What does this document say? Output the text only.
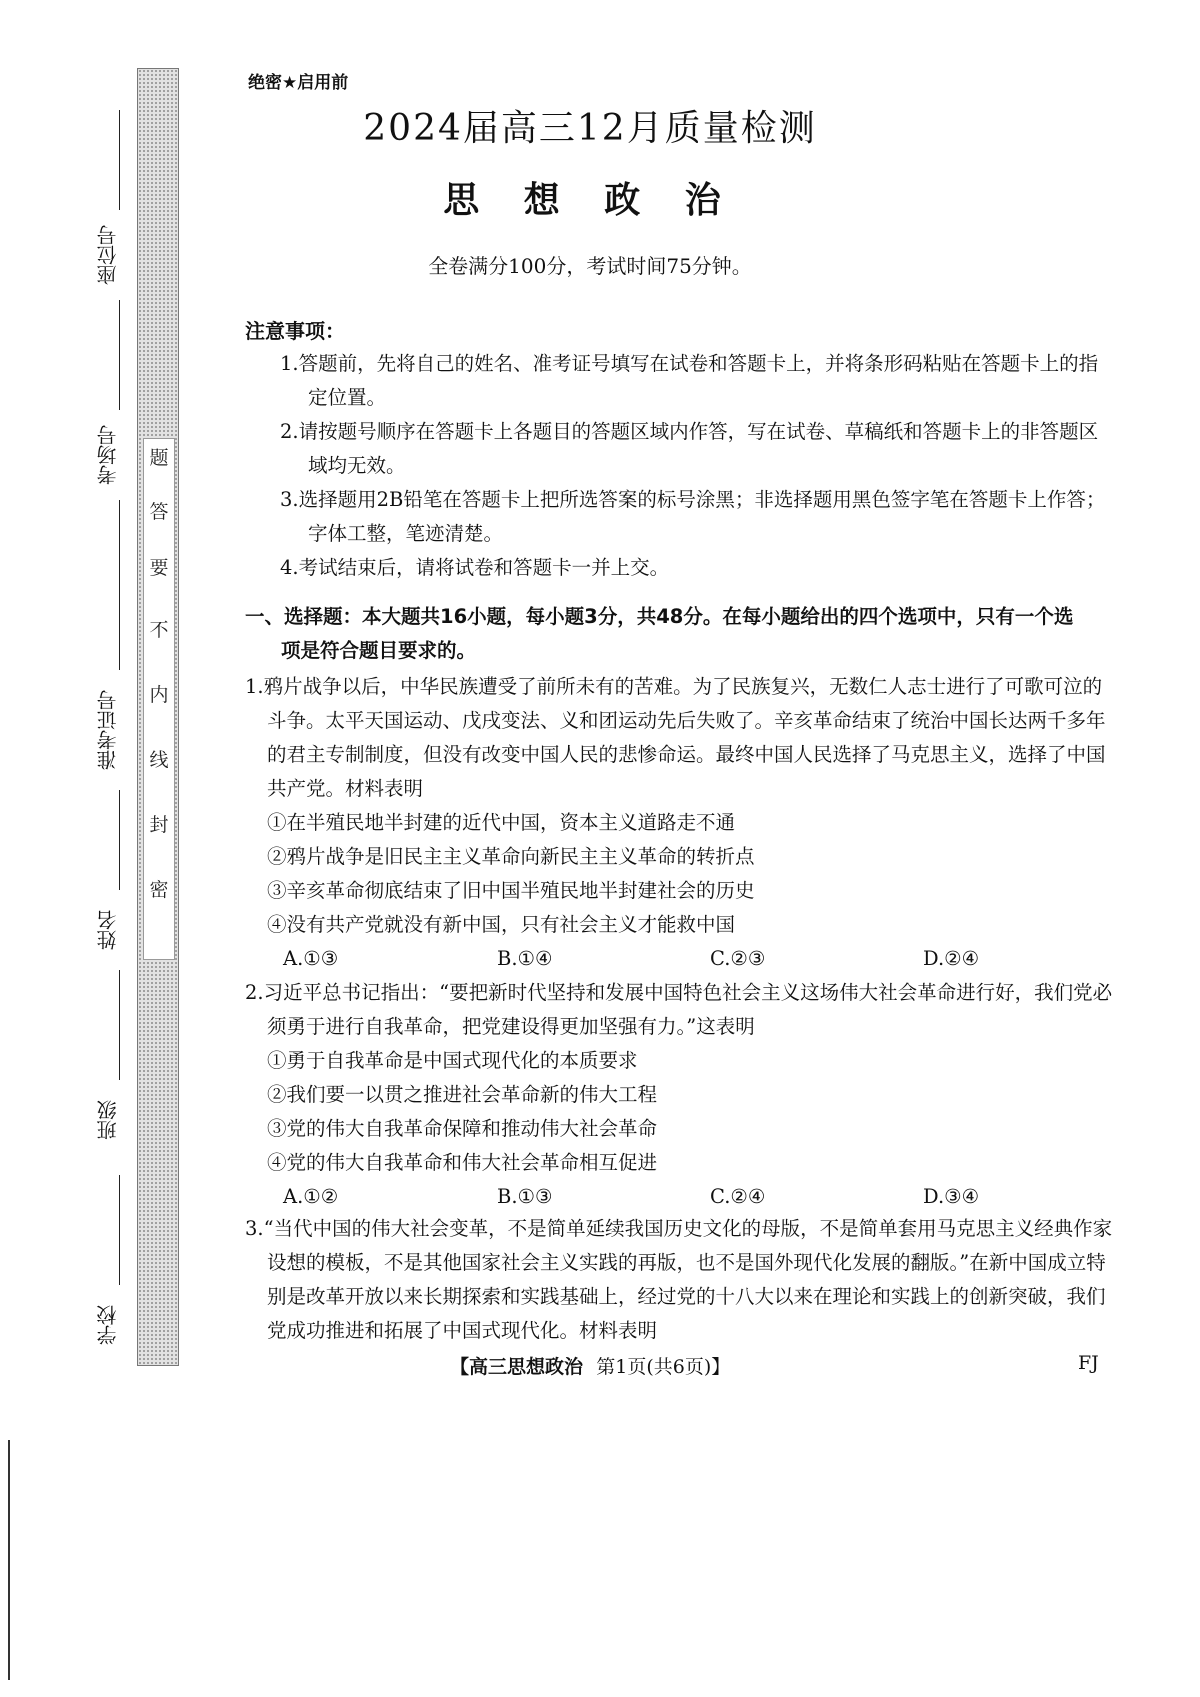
密
封
线
内
不
要
答
题
座位号
考场号
准考证号
姓名
班级
学校
绝密★启用前
2024届高三12月质量检测
思 想 政 治
全卷满分100分，考试时间75分钟。
注意事项：

1.答题前，先将自己的姓名、准考证号填写在试卷和答题卡上，并将条形码粘贴在答题卡上的指定位置。

2.请按题号顺序在答题卡上各题目的答题区域内作答，写在试卷、草稿纸和答题卡上的非答题区域均无效。

3.选择题用2B铅笔在答题卡上把所选答案的标号涂黑；非选择题用黑色签字笔在答题卡上作答；字体工整，笔迹清楚。

4.考试结束后，请将试卷和答题卡一并上交。

一、选择题：本大题共16小题，每小题3分，共48分。在每小题给出的四个选项中，只有一个选
项是符合题目要求的。

1.鸦片战争以后，中华民族遭受了前所未有的苦难。为了民族复兴，无数仁人志士进行了可歌可泣的斗争。太平天国运动、戊戌变法、义和团运动先后失败了。辛亥革命结束了统治中国长达两千多年的君主专制制度，但没有改变中国人民的悲惨命运。最终中国人民选择了马克思主义，选择了中国共产党。材料表明

①在半殖民地半封建的近代中国，资本主义道路走不通

②鸦片战争是旧民主主义革命向新民主主义革命的转折点

③辛亥革命彻底结束了旧中国半殖民地半封建社会的历史

④没有共产党就没有新中国，只有社会主义才能救中国

A.①③	B.①④	C.②③	D.②④

2.习近平总书记指出：“要把新时代坚持和发展中国特色社会主义这场伟大社会革命进行好，我们党必须勇于进行自我革命，把党建设得更加坚强有力。”这表明

①勇于自我革命是中国式现代化的本质要求

②我们要一以贯之推进社会革命新的伟大工程

③党的伟大自我革命保障和推动伟大社会革命

④党的伟大自我革命和伟大社会革命相互促进

A.①②	B.①③	C.②④	D.③④

3.“当代中国的伟大社会变革，不是简单延续我国历史文化的母版，不是简单套用马克思主义经典作家设想的模板，不是其他国家社会主义实践的再版，也不是国外现代化发展的翻版。”在新中国成立特别是改革开放以来长期探索和实践基础上，经过党的十八大以来在理论和实践上的创新突破，我们党成功推进和拓展了中国式现代化。材料表明

【高三思想政治 第1页(共6页)】	FJ
